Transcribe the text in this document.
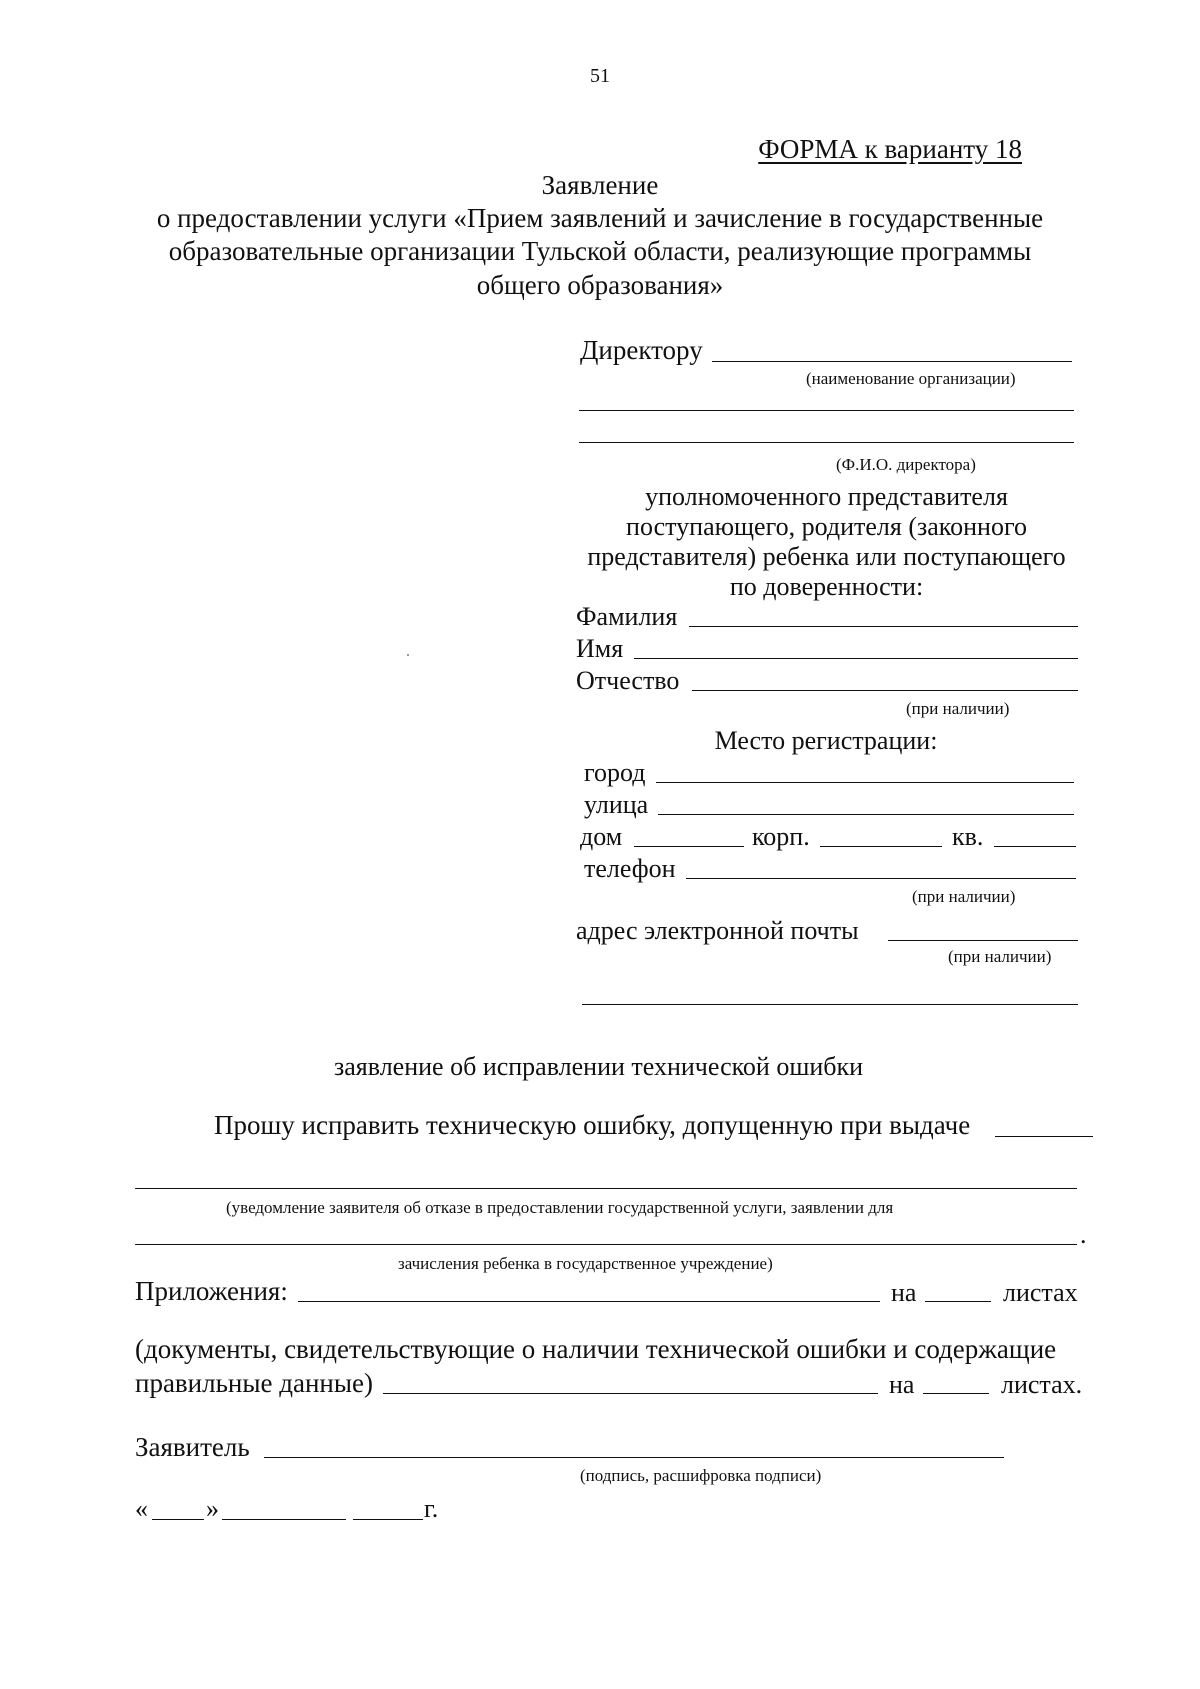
51
ФОРМА к варианту 18
Заявление
о предоставлении услуги «Прием заявлений и зачисление в государственные
образовательные организации Тульской области, реализующие программы
общего образования»
Директору
(наименование организации)
(Ф.И.О. директора)
уполномоченного представителя
поступающего, родителя (законного
представителя) ребенка или поступающего
по доверенности:
Фамилия
Имя
Отчество
(при наличии)
Место регистрации:
город
улица
дом	корп.	кв.
телефон
(при наличии)
адрес электронной почты
(при наличии)
заявление об исправлении технической ошибки
Прошу исправить техническую ошибку, допущенную при выдаче
(уведомление заявителя об отказе в предоставлении государственной услуги, заявлении для
.
зачисления ребенка в государственное учреждение)
Приложения:	на	листах
(документы, свидетельствующие о наличии технической ошибки и содержащие
правильные данные)	на	листах.
Заявитель
(подпись, расшифровка подписи)
« »	г.
